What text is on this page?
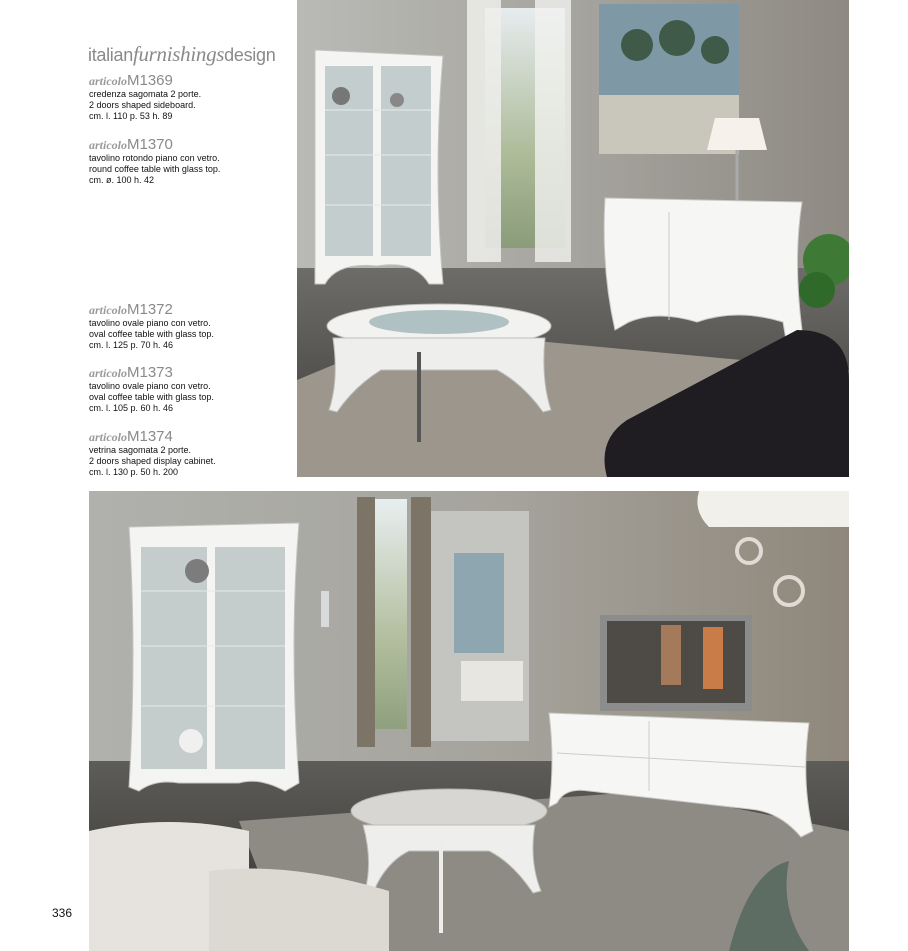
italianfurnishingsdesign
articoloM1369
credenza sagomata 2 porte.
2 doors shaped sideboard.
cm. l. 110 p. 53 h. 89
articoloM1370
tavolino rotondo piano con vetro.
round coffee table with glass top.
cm. ø. 100 h. 42
articoloM1372
tavolino ovale piano con vetro.
oval coffee table with glass top.
cm. l. 125 p. 70 h. 46
articoloM1373
tavolino ovale piano con vetro.
oval coffee table with glass top.
cm. l. 105 p. 60 h. 46
articoloM1374
vetrina sagomata 2 porte.
2 doors shaped display cabinet.
cm. l. 130 p. 50 h. 200
336
